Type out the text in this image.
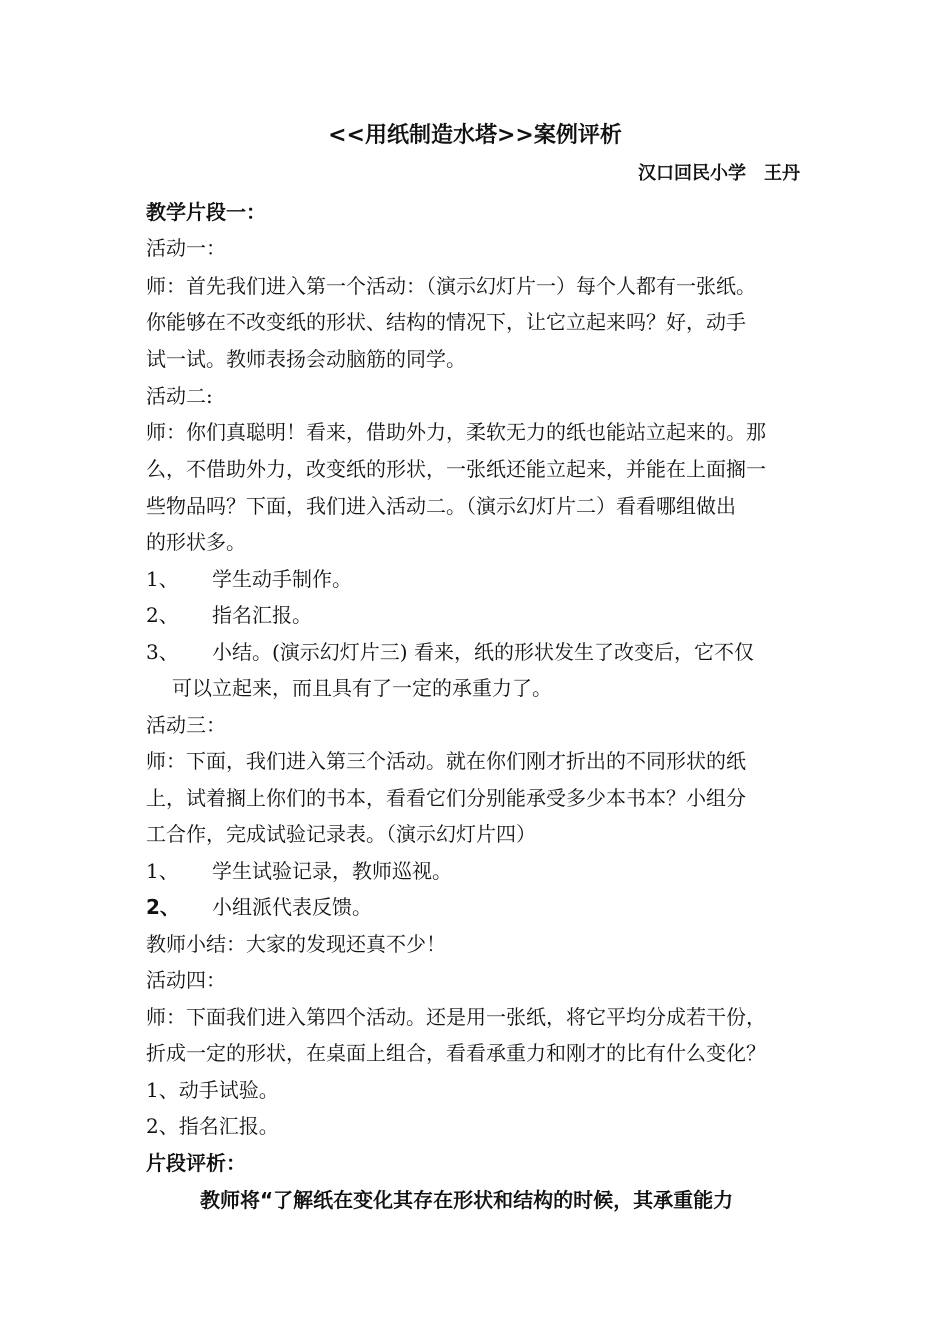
<<用纸制造水塔>>案例评析
汉口回民小学　王丹
教学片段一：
活动一：
师：首先我们进入第一个活动：（演示幻灯片一）每个人都有一张纸。
你能够在不改变纸的形状、结构的情况下，让它立起来吗？好，动手
试一试。教师表扬会动脑筋的同学。
活动二:
师：你们真聪明！看来，借助外力，柔软无力的纸也能站立起来的。那
么，不借助外力，改变纸的形状，一张纸还能立起来，并能在上面搁一
些物品吗？下面，我们进入活动二。（演示幻灯片二）看看哪组做出
的形状多。
1、 学生动手制作。
2、 指名汇报。
3、 小结。(演示幻灯片三) 看来，纸的形状发生了改变后，它不仅
可以立起来，而且具有了一定的承重力了。
活动三：
师：下面，我们进入第三个活动。就在你们刚才折出的不同形状的纸
上，试着搁上你们的书本，看看它们分别能承受多少本书本？小组分
工合作，完成试验记录表。（演示幻灯片四）
1、 学生试验记录，教师巡视。
2、 小组派代表反馈。
教师小结：大家的发现还真不少！
活动四：
师：下面我们进入第四个活动。还是用一张纸，将它平均分成若干份，
折成一定的形状，在桌面上组合，看看承重力和刚才的比有什么变化？
1、动手试验。
2、指名汇报。
片段评析：
教师将“了解纸在变化其存在形状和结构的时候，其承重能力
